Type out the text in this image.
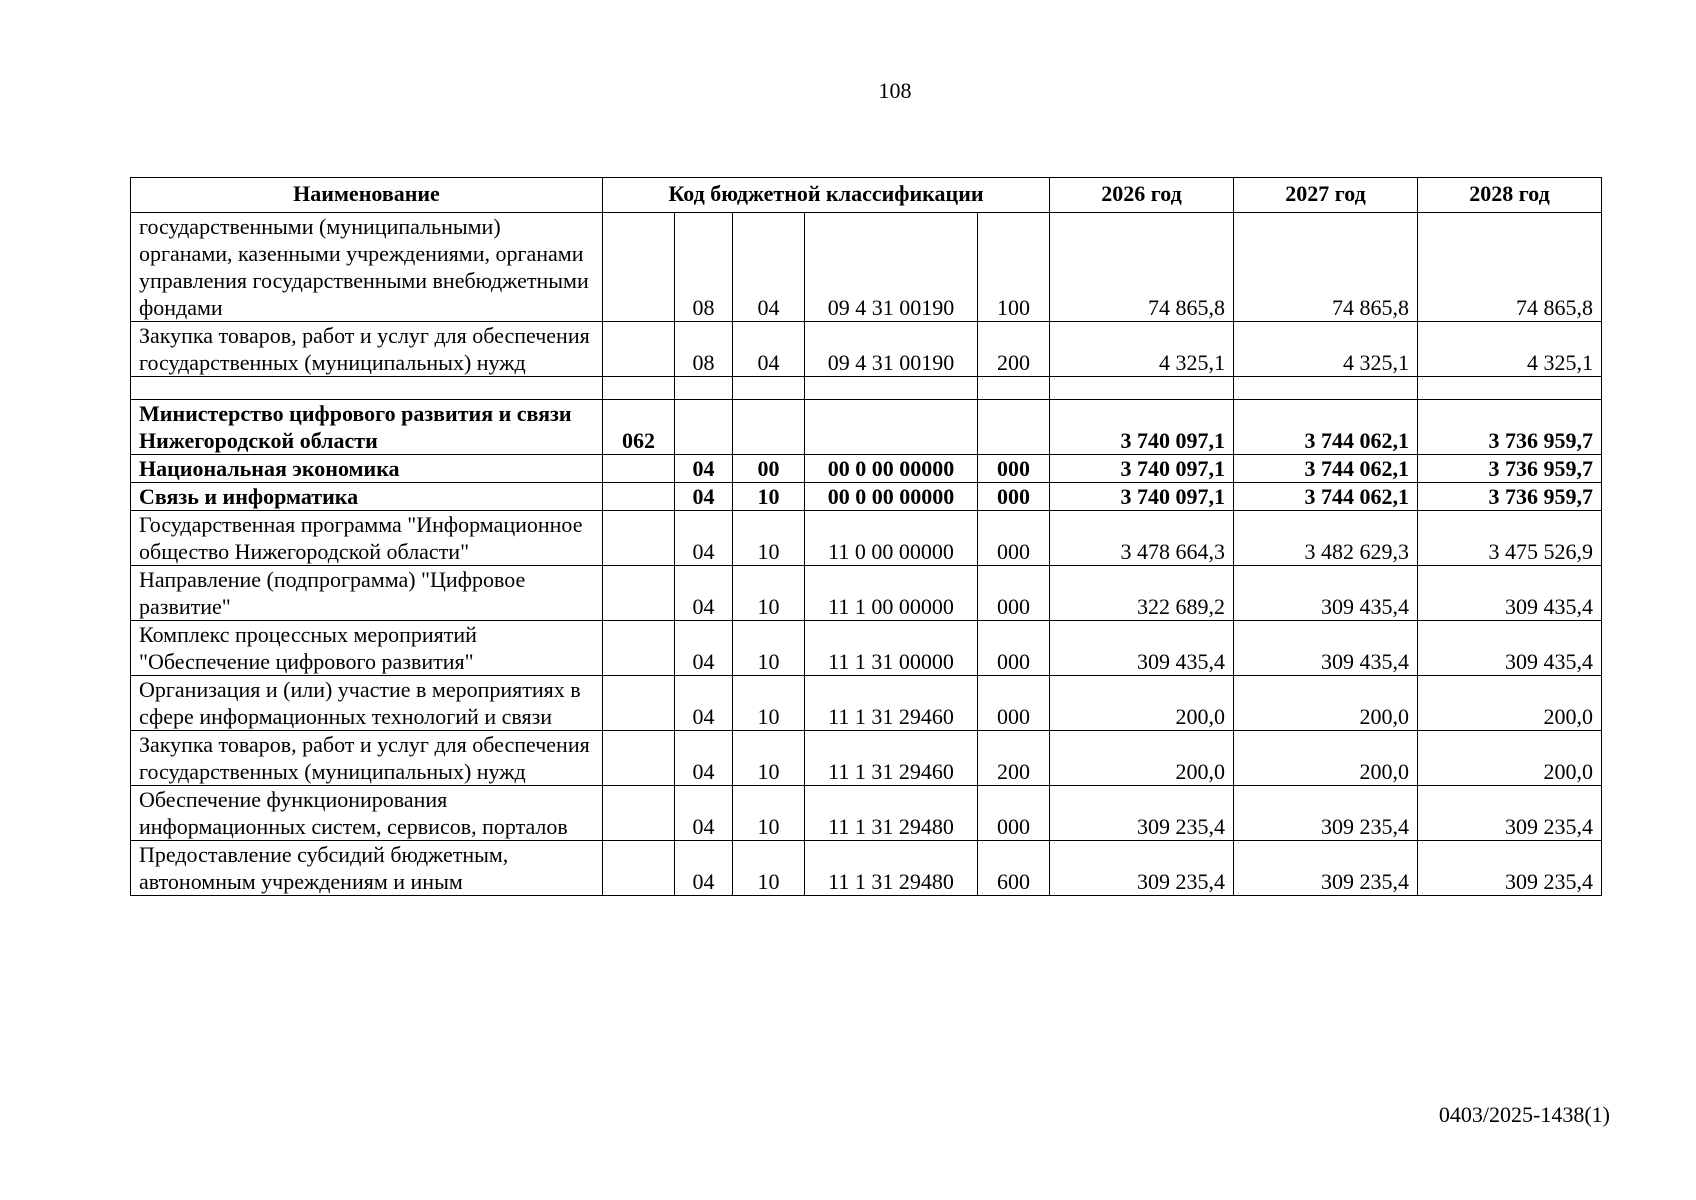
108
Наименование	Код бюджетной классификации					2026 год	2027 год	2028 год
государственными (муниципальными) органами, казенными учреждениями, органами управления государственными внебюджетными фондами		08	04	09 4 31 00190	100	74 865,8	74 865,8	74 865,8
Закупка товаров, работ и услуг для обеспечения государственных (муниципальных) нужд		08	04	09 4 31 00190	200	4 325,1	4 325,1	4 325,1

Министерство цифрового развития и связи Нижегородской области	062					3 740 097,1	3 744 062,1	3 736 959,7
Национальная экономика		04	00	00 0 00 00000	000	3 740 097,1	3 744 062,1	3 736 959,7
Связь и информатика		04	10	00 0 00 00000	000	3 740 097,1	3 744 062,1	3 736 959,7
Государственная программа "Информационное общество Нижегородской области"		04	10	11 0 00 00000	000	3 478 664,3	3 482 629,3	3 475 526,9
Направление (подпрограмма) "Цифровое развитие"		04	10	11 1 00 00000	000	322 689,2	309 435,4	309 435,4
Комплекс процессных мероприятий "Обеспечение цифрового развития"		04	10	11 1 31 00000	000	309 435,4	309 435,4	309 435,4
Организация и (или) участие в мероприятиях в сфере информационных технологий и связи		04	10	11 1 31 29460	000	200,0	200,0	200,0
Закупка товаров, работ и услуг для обеспечения государственных (муниципальных) нужд		04	10	11 1 31 29460	200	200,0	200,0	200,0
Обеспечение функционирования информационных систем, сервисов, порталов		04	10	11 1 31 29480	000	309 235,4	309 235,4	309 235,4
Предоставление субсидий бюджетным, автономным учреждениям и иным		04	10	11 1 31 29480	600	309 235,4	309 235,4	309 235,4
0403/2025-1438(1)
